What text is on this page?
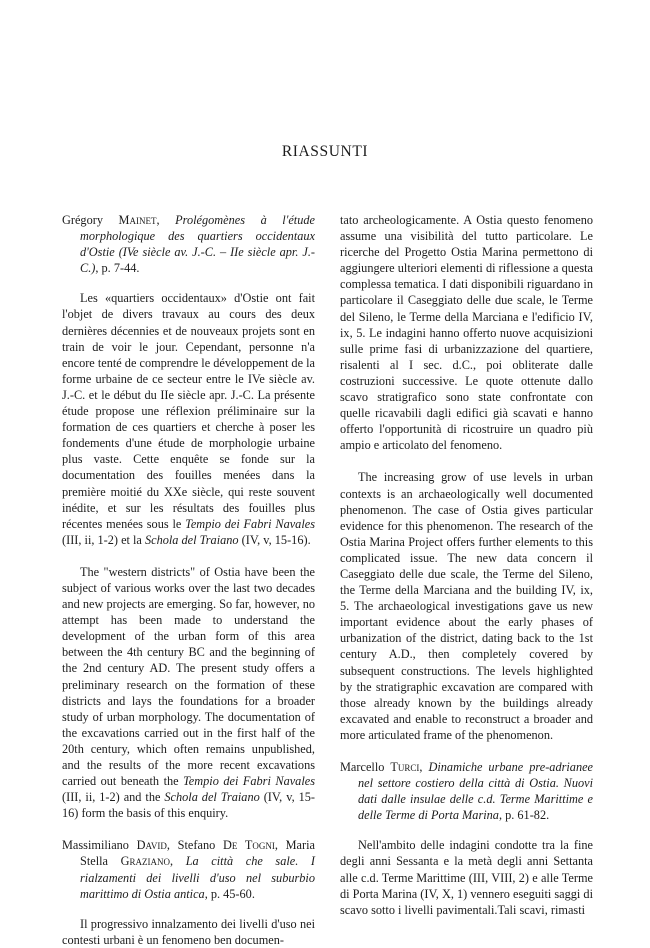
RIASSUNTI

Grégory Mainet, Prolégomènes à l'étude morphologique des quartiers occidentaux d'Ostie (IVe siècle av. J.-C. – IIe siècle apr. J.-C.), p. 7-44.

Les «quartiers occidentaux» d'Ostie ont fait l'objet de divers travaux au cours des deux dernières décennies et de nouveaux projets sont en train de voir le jour. Cependant, personne n'a encore tenté de comprendre le développement de la forme urbaine de ce secteur entre le IVe siècle av. J.-C. et le début du IIe siècle apr. J.-C. La présente étude propose une réflexion préliminaire sur la formation de ces quartiers et cherche à poser les fondements d'une étude de morphologie urbaine plus vaste. Cette enquête se fonde sur la documentation des fouilles menées dans la première moitié du XXe siècle, qui reste souvent inédite, et sur les résultats des fouilles plus récentes menées sous le Tempio dei Fabri Navales (III, ii, 1-2) et la Schola del Traiano (IV, v, 15-16).

The "western districts" of Ostia have been the subject of various works over the last two decades and new projects are emerging. So far, however, no attempt has been made to understand the development of the urban form of this area between the 4th century BC and the beginning of the 2nd century AD. The present study offers a preliminary research on the formation of these districts and lays the foundations for a broader study of urban morphology. The documentation of the excavations carried out in the first half of the 20th century, which often remains unpublished, and the results of the more recent excavations carried out beneath the Tempio dei Fabri Navales (III, ii, 1-2) and the Schola del Traiano (IV, v, 15-16) form the basis of this enquiry.

Massimiliano David, Stefano De Togni, Maria Stella Graziano, La città che sale. I rialzamenti dei livelli d'uso nel suburbio marittimo di Ostia antica, p. 45-60.

Il progressivo innalzamento dei livelli d'uso nei contesti urbani è un fenomeno ben documen-

tato archeologicamente. A Ostia questo fenomeno assume una visibilità del tutto particolare. Le ricerche del Progetto Ostia Marina permettono di aggiungere ulteriori elementi di riflessione a questa complessa tematica. I dati disponibili riguardano in particolare il Caseggiato delle due scale, le Terme del Sileno, le Terme della Marciana e l'edificio IV, ix, 5. Le indagini hanno offerto nuove acquisizioni sulle prime fasi di urbanizzazione del quartiere, risalenti al I sec. d.C., poi obliterate dalle costruzioni successive. Le quote ottenute dallo scavo stratigrafico sono state confrontate con quelle ricavabili dagli edifici già scavati e hanno offerto l'opportunità di ricostruire un quadro più ampio e articolato del fenomeno.

The increasing grow of use levels in urban contexts is an archaeologically well documented phenomenon. The case of Ostia gives particular evidence for this phenomenon. The research of the Ostia Marina Project offers further elements to this complicated issue. The new data concern il Caseggiato delle due scale, the Terme del Sileno, the Terme della Marciana and the building IV, ix, 5. The archaeological investigations gave us new important evidence about the early phases of urbanization of the district, dating back to the 1st century A.D., then completely covered by subsequent constructions. The levels highlighted by the stratigraphic excavation are compared with those already known by the buildings already excavated and enable to reconstruct a broader and more articulated frame of the phenomenon.

Marcello Turci, Dinamiche urbane pre-adrianee nel settore costiero della città di Ostia. Nuovi dati dalle insulae delle c.d. Terme Marittime e delle Terme di Porta Marina, p. 61-82.

Nell'ambito delle indagini condotte tra la fine degli anni Sessanta e la metà degli anni Settanta alle c.d. Terme Marittime (III, VIII, 2) e alle Terme di Porta Marina (IV, X, 1) vennero eseguiti saggi di scavo sotto i livelli pavimentali.Tali scavi, rimasti
